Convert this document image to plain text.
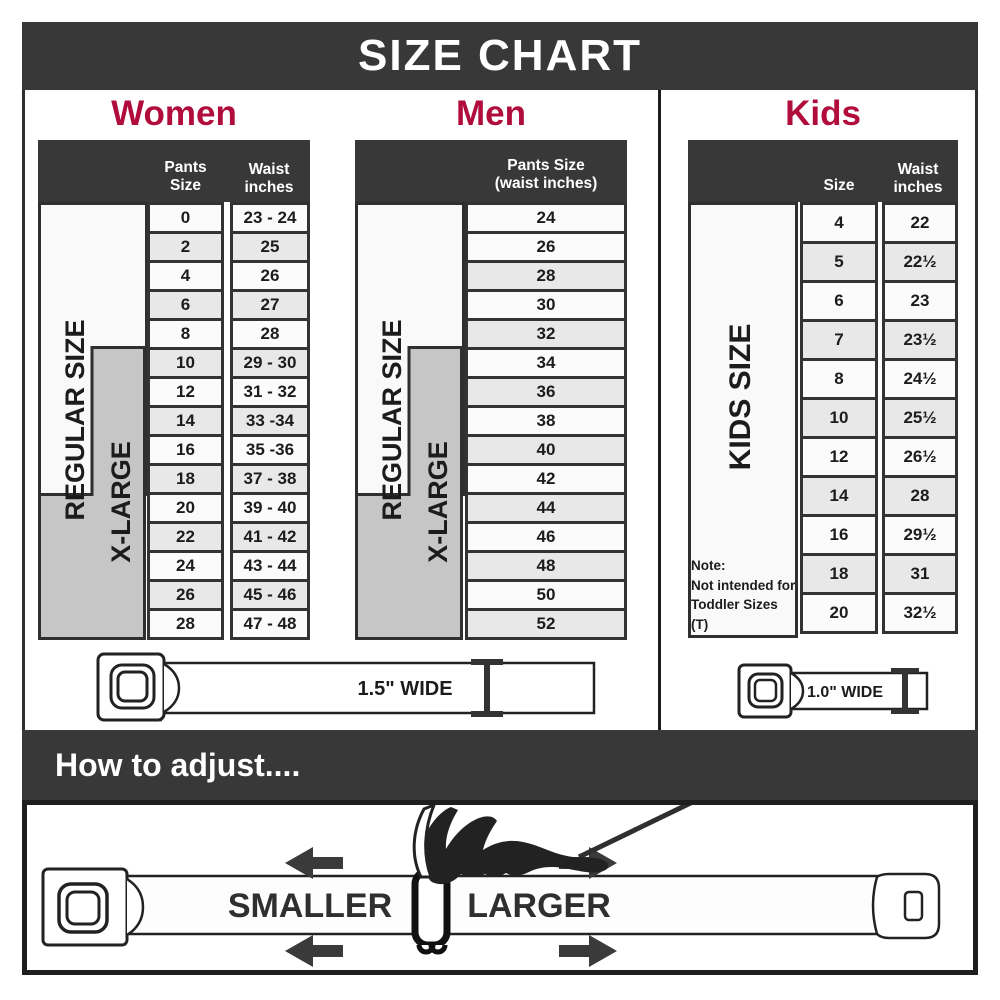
SIZE CHART
Women	Men	Kids
Pants Size
Waist
inches
REGULAR SIZE X-LARGE
0	23 - 24
2	25
4	26
6	27
8	28
10	29 - 30
12	31 - 32
14	33 -34
16	35 -36
18	37 - 38
20	39 - 40
22	41 - 42
24	43 - 44
26	45 - 46
28	47 - 48
Pants Size
(waist inches)
REGULAR SIZE X-LARGE
24
26
28
30
32
34
36
38
40
42
44
46
48
50
52
Size
Waist
inches
KIDS SIZE
Note:
Not intended for
Toddler Sizes (T)
4	22
5	22½
6	23
7	23½
8	24½
10	25½
12	26½
14	28
16	29½
18	31
20	32½
1.5" WIDE	1.0" WIDE
How to adjust....
SMALLER LARGER
